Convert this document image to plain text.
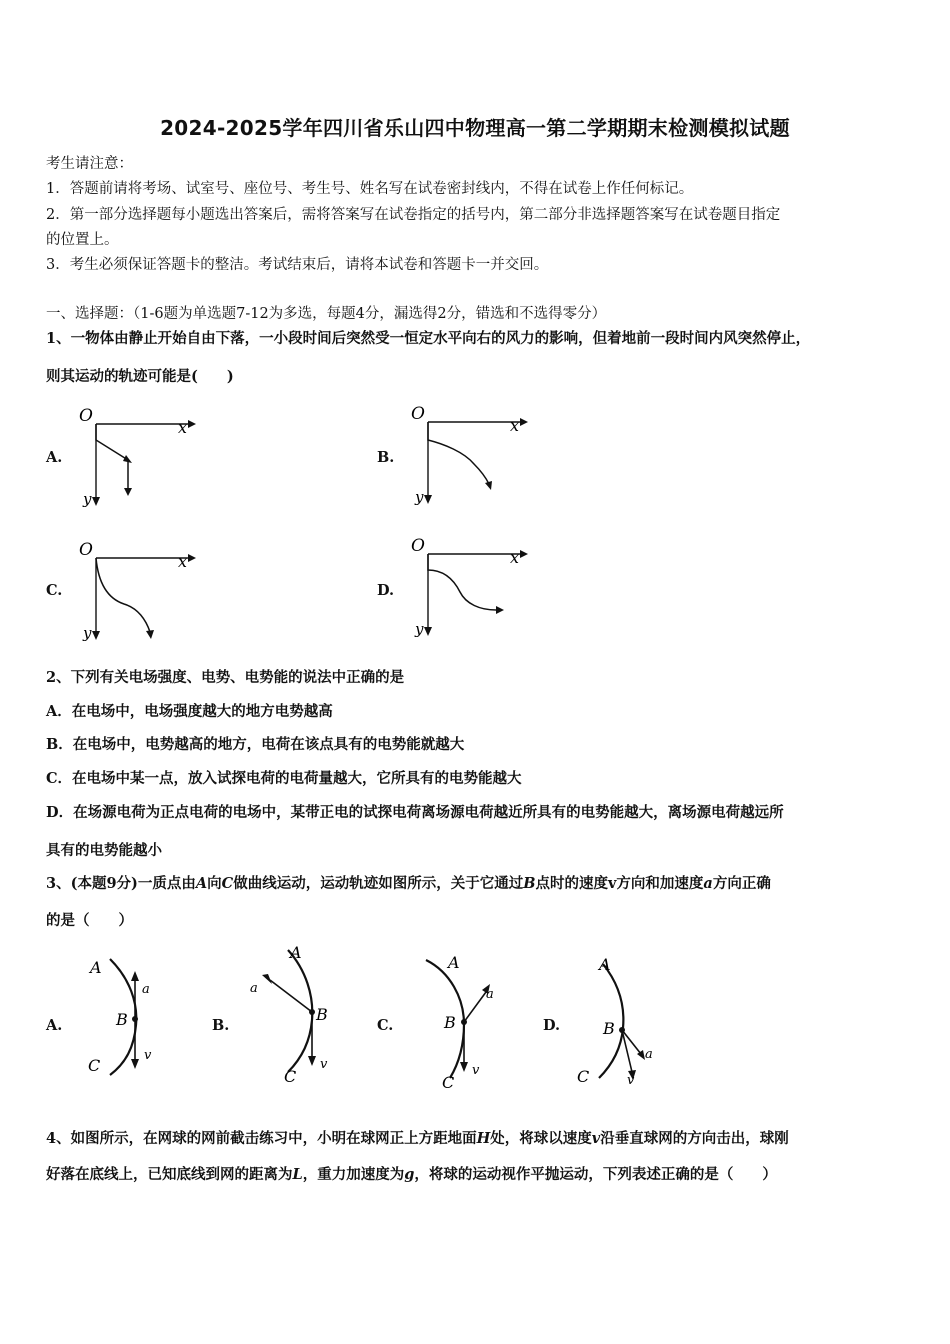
2024-2025学年四川省乐山四中物理高一第二学期期末检测模拟试题
考生请注意：
1．答题前请将考场、试室号、座位号、考生号、姓名写在试卷密封线内，不得在试卷上作任何标记。
2．第一部分选择题每小题选出答案后，需将答案写在试卷指定的括号内，第二部分非选择题答案写在试卷题目指定
的位置上。
3．考生必须保证答题卡的整洁。考试结束后，请将本试卷和答题卡一并交回。
一、选择题：（1-6题为单选题7-12为多选，每题4分，漏选得2分，错选和不选得零分）
1、一物体由静止开始自由下落，一小段时间后突然受一恒定水平向右的风力的影响，但着地前一段时间内风突然停止，
则其运动的轨迹可能是(　　)
A.
O
x
y
B.
O
x
y
C.
O
x
y
D.
O
x
y
2、下列有关电场强度、电势、电势能的说法中正确的是
A．在电场中，电场强度越大的地方电势越高
B．在电场中，电势越高的地方，电荷在该点具有的电势能就越大
C．在电场中某一点，放入试探电荷的电荷量越大，它所具有的电势能越大
D．在场源电荷为正点电荷的电场中，某带正电的试探电荷离场源电荷越近所具有的电势能越大，离场源电荷越远所
具有的电势能越小
3、(本题9分)一质点由A向C做曲线运动，运动轨迹如图所示，关于它通过B点时的速度v方向和加速度a方向正确
的是（　　）
A.
A
B
C
a
v
B.
A
B
C
a
v
C.
A
B
C
a
v
D.
A
B
C
a
v
4、如图所示，在网球的网前截击练习中，小明在球网正上方距地面H处，将球以速度v沿垂直球网的方向击出，球刚
好落在底线上，已知底线到网的距离为L，重力加速度为g，将球的运动视作平抛运动，下列表述正确的是（　　）
